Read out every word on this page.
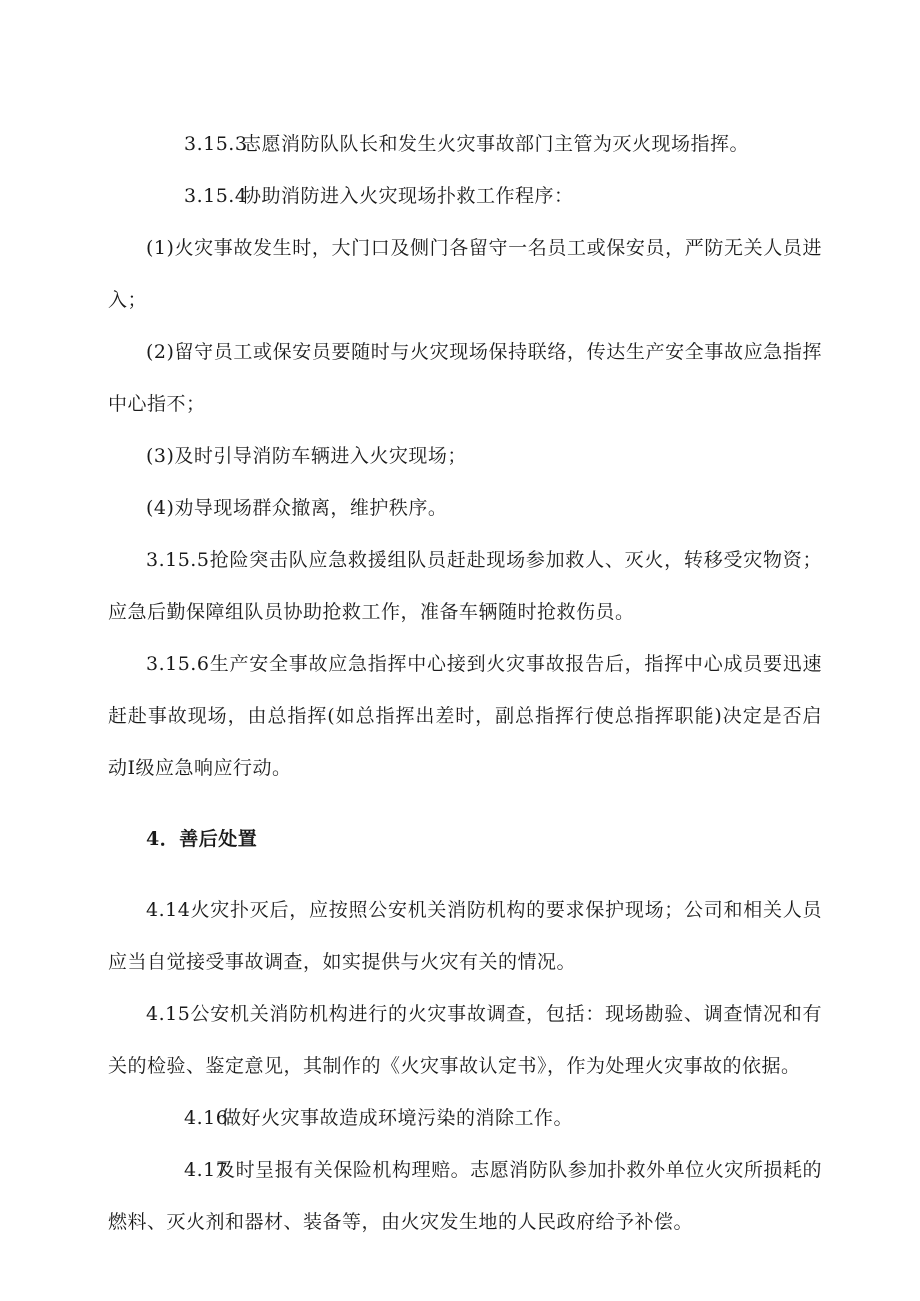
3.15.3志愿消防队队长和发生火灾事故部门主管为灭火现场指挥。

3.15.4协助消防进入火灾现场扑救工作程序：

(1)火灾事故发生时，大门口及侧门各留守一名员工或保安员，严防无关人员进入；

(2)留守员工或保安员要随时与火灾现场保持联络，传达生产安全事故应急指挥中心指不；

(3)及时引导消防车辆进入火灾现场；

(4)劝导现场群众撤离，维护秩序。

3.15.5抢险突击队应急救援组队员赶赴现场参加救人、灭火，转移受灾物资；应急后勤保障组队员协助抢救工作，准备车辆随时抢救伤员。

3.15.6生产安全事故应急指挥中心接到火灾事故报告后，指挥中心成员要迅速赶赴事故现场，由总指挥(如总指挥出差时，副总指挥行使总指挥职能)决定是否启动I级应急响应行动。

4．善后处置

4.14火灾扑灭后，应按照公安机关消防机构的要求保护现场；公司和相关人员应当自觉接受事故调查，如实提供与火灾有关的情况。

4.15公安机关消防机构进行的火灾事故调查，包括：现场勘验、调查情况和有关的检验、鉴定意见，其制作的《火灾事故认定书》，作为处理火灾事故的依据。

4.16做好火灾事故造成环境污染的消除工作。

4.17及时呈报有关保险机构理赔。志愿消防队参加扑救外单位火灾所损耗的燃料、灭火剂和器材、装备等，由火灾发生地的人民政府给予补偿。
